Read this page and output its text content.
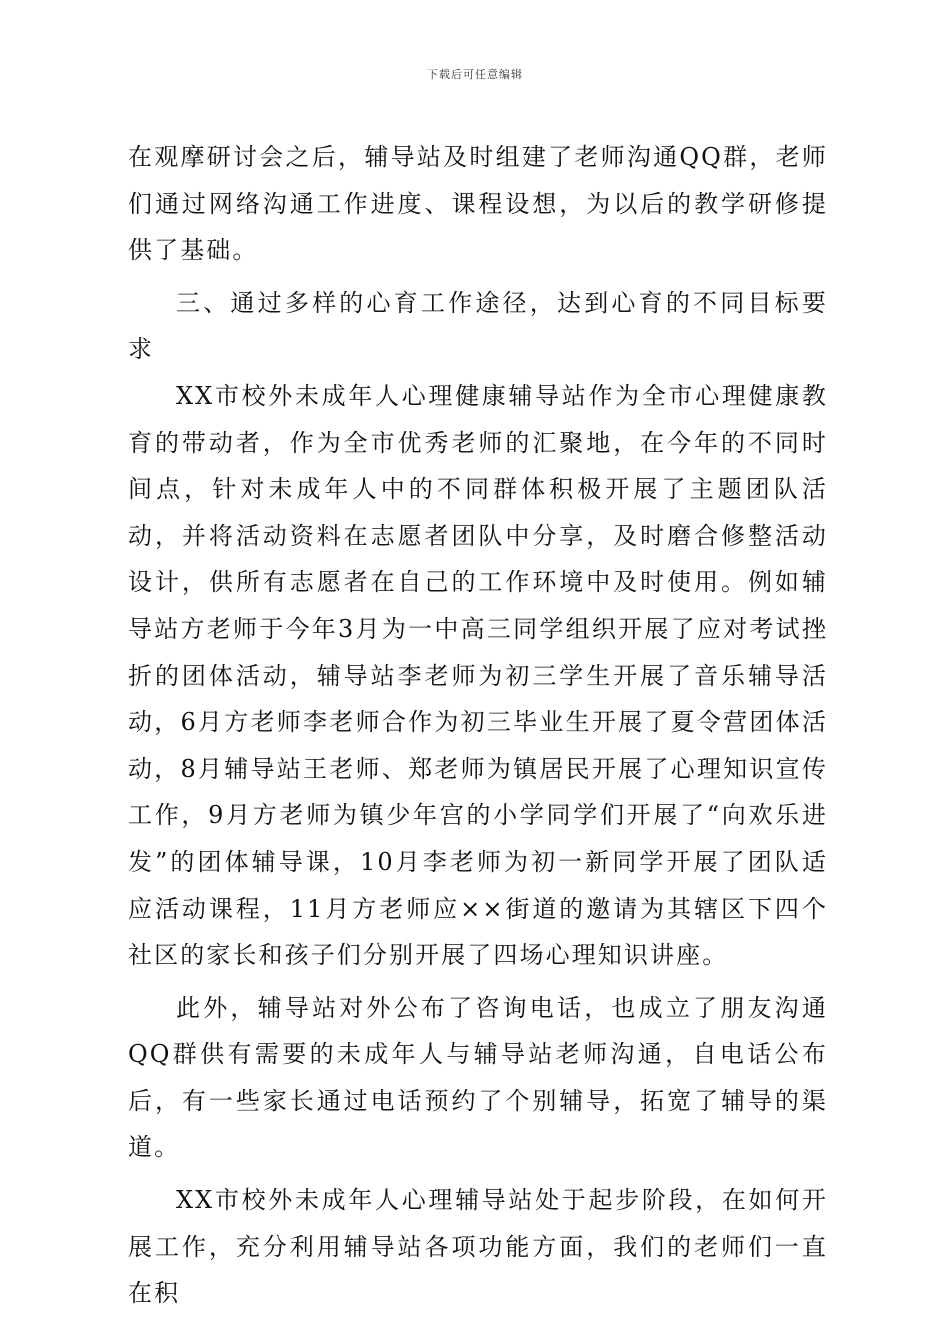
下载后可任意编辑

在观摩研讨会之后，辅导站及时组建了老师沟通QQ群，老师们通过网络沟通工作进度、课程设想，为以后的教学研修提供了基础。

三、通过多样的心育工作途径，达到心育的不同目标要求

XX市校外未成年人心理健康辅导站作为全市心理健康教育的带动者，作为全市优秀老师的汇聚地，在今年的不同时间点，针对未成年人中的不同群体积极开展了主题团队活动，并将活动资料在志愿者团队中分享，及时磨合修整活动设计，供所有志愿者在自己的工作环境中及时使用。例如辅导站方老师于今年3月为一中高三同学组织开展了应对考试挫折的团体活动，辅导站李老师为初三学生开展了音乐辅导活动，6月方老师李老师合作为初三毕业生开展了夏令营团体活动，8月辅导站王老师、郑老师为镇居民开展了心理知识宣传工作，9月方老师为镇少年宫的小学同学们开展了“向欢乐进发”的团体辅导课，10月李老师为初一新同学开展了团队适应活动课程，11月方老师应××街道的邀请为其辖区下四个社区的家长和孩子们分别开展了四场心理知识讲座。

此外，辅导站对外公布了咨询电话，也成立了朋友沟通QQ群供有需要的未成年人与辅导站老师沟通，自电话公布后，有一些家长通过电话预约了个别辅导，拓宽了辅导的渠道。

XX市校外未成年人心理辅导站处于起步阶段，在如何开展工作，充分利用辅导站各项功能方面，我们的老师们一直在积
